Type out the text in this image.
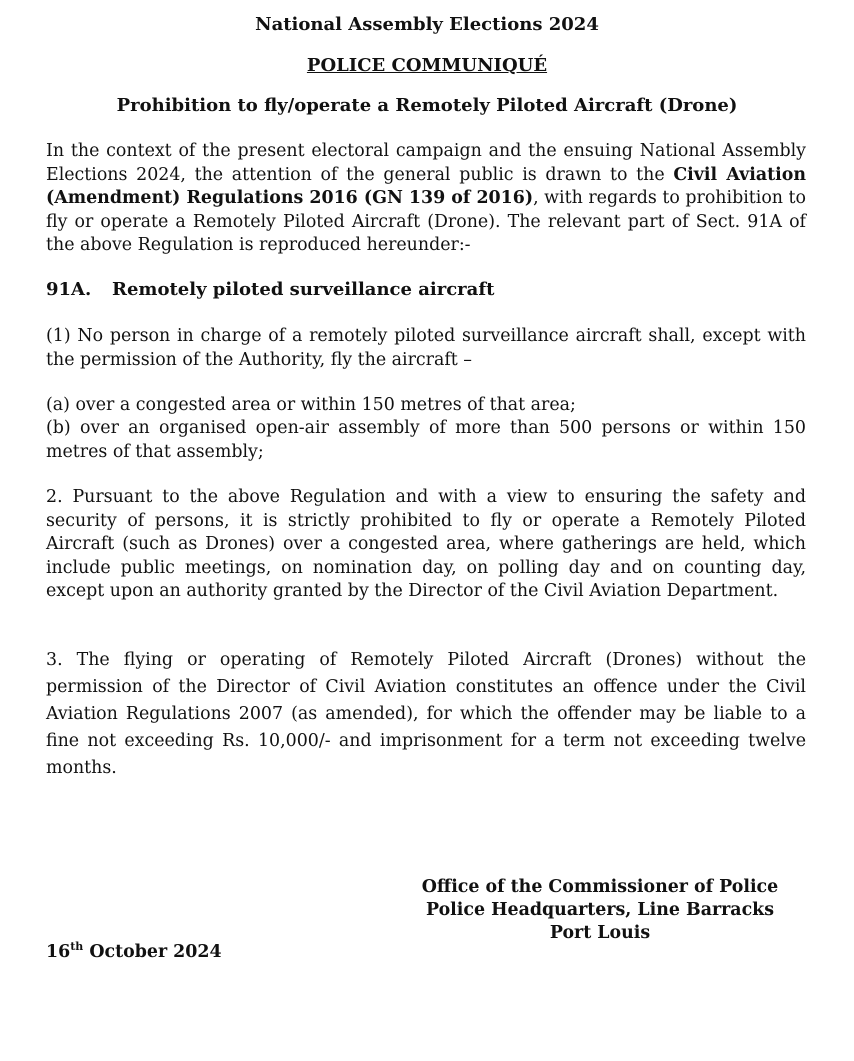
National Assembly Elections 2024
POLICE COMMUNIQUÉ
Prohibition to fly/operate a Remotely Piloted Aircraft (Drone)
In the context of the present electoral campaign and the ensuing National Assembly Elections 2024, the attention of the general public is drawn to the Civil Aviation (Amendment) Regulations 2016 (GN 139 of 2016), with regards to prohibition to fly or operate a Remotely Piloted Aircraft (Drone). The relevant part of Sect. 91A of the above Regulation is reproduced hereunder:-
91A. Remotely piloted surveillance aircraft
(1) No person in charge of a remotely piloted surveillance aircraft shall, except with the permission of the Authority, fly the aircraft –
(a) over a congested area or within 150 metres of that area;
(b) over an organised open-air assembly of more than 500 persons or within 150 metres of that assembly;
2. Pursuant to the above Regulation and with a view to ensuring the safety and security of persons, it is strictly prohibited to fly or operate a Remotely Piloted Aircraft (such as Drones) over a congested area, where gatherings are held, which include public meetings, on nomination day, on polling day and on counting day, except upon an authority granted by the Director of the Civil Aviation Department.
3. The flying or operating of Remotely Piloted Aircraft (Drones) without the permission of the Director of Civil Aviation constitutes an offence under the Civil Aviation Regulations 2007 (as amended), for which the offender may be liable to a fine not exceeding Rs. 10,000/- and imprisonment for a term not exceeding twelve months.
Office of the Commissioner of Police
Police Headquarters, Line Barracks
Port Louis
16th October 2024
